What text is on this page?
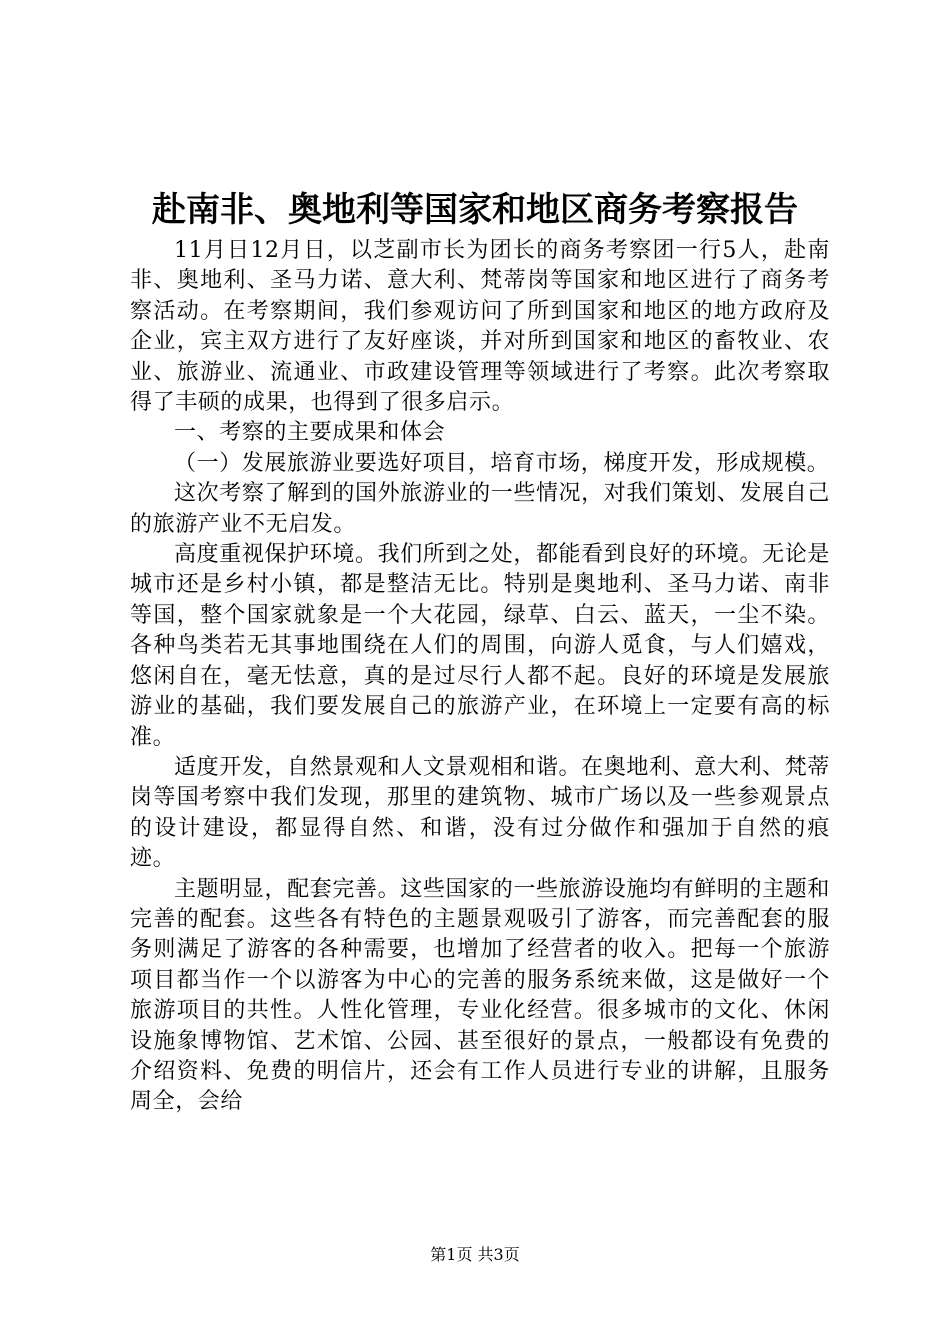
赴南非、奥地利等国家和地区商务考察报告

11月日12月日，以芝副市长为团长的商务考察团一行5人，赴南非、奥地利、圣马力诺、意大利、梵蒂岗等国家和地区进行了商务考察活动。在考察期间，我们参观访问了所到国家和地区的地方政府及企业，宾主双方进行了友好座谈，并对所到国家和地区的畜牧业、农业、旅游业、流通业、市政建设管理等领域进行了考察。此次考察取得了丰硕的成果，也得到了很多启示。

一、考察的主要成果和体会

（一）发展旅游业要选好项目，培育市场，梯度开发，形成规模。

这次考察了解到的国外旅游业的一些情况，对我们策划、发展自己的旅游产业不无启发。

高度重视保护环境。我们所到之处，都能看到良好的环境。无论是城市还是乡村小镇，都是整洁无比。特别是奥地利、圣马力诺、南非等国，整个国家就象是一个大花园，绿草、白云、蓝天，一尘不染。各种鸟类若无其事地围绕在人们的周围，向游人觅食，与人们嬉戏，悠闲自在，毫无怯意，真的是过尽行人都不起。良好的环境是发展旅游业的基础，我们要发展自己的旅游产业，在环境上一定要有高的标准。

适度开发，自然景观和人文景观相和谐。在奥地利、意大利、梵蒂岗等国考察中我们发现，那里的建筑物、城市广场以及一些参观景点的设计建设，都显得自然、和谐，没有过分做作和强加于自然的痕迹。

主题明显，配套完善。这些国家的一些旅游设施均有鲜明的主题和完善的配套。这些各有特色的主题景观吸引了游客，而完善配套的服务则满足了游客的各种需要，也增加了经营者的收入。把每一个旅游项目都当作一个以游客为中心的完善的服务系统来做，这是做好一个旅游项目的共性。人性化管理，专业化经营。很多城市的文化、休闲设施象博物馆、艺术馆、公园、甚至很好的景点，一般都设有免费的介绍资料、免费的明信片，还会有工作人员进行专业的讲解，且服务周全，会给

第1页 共3页
